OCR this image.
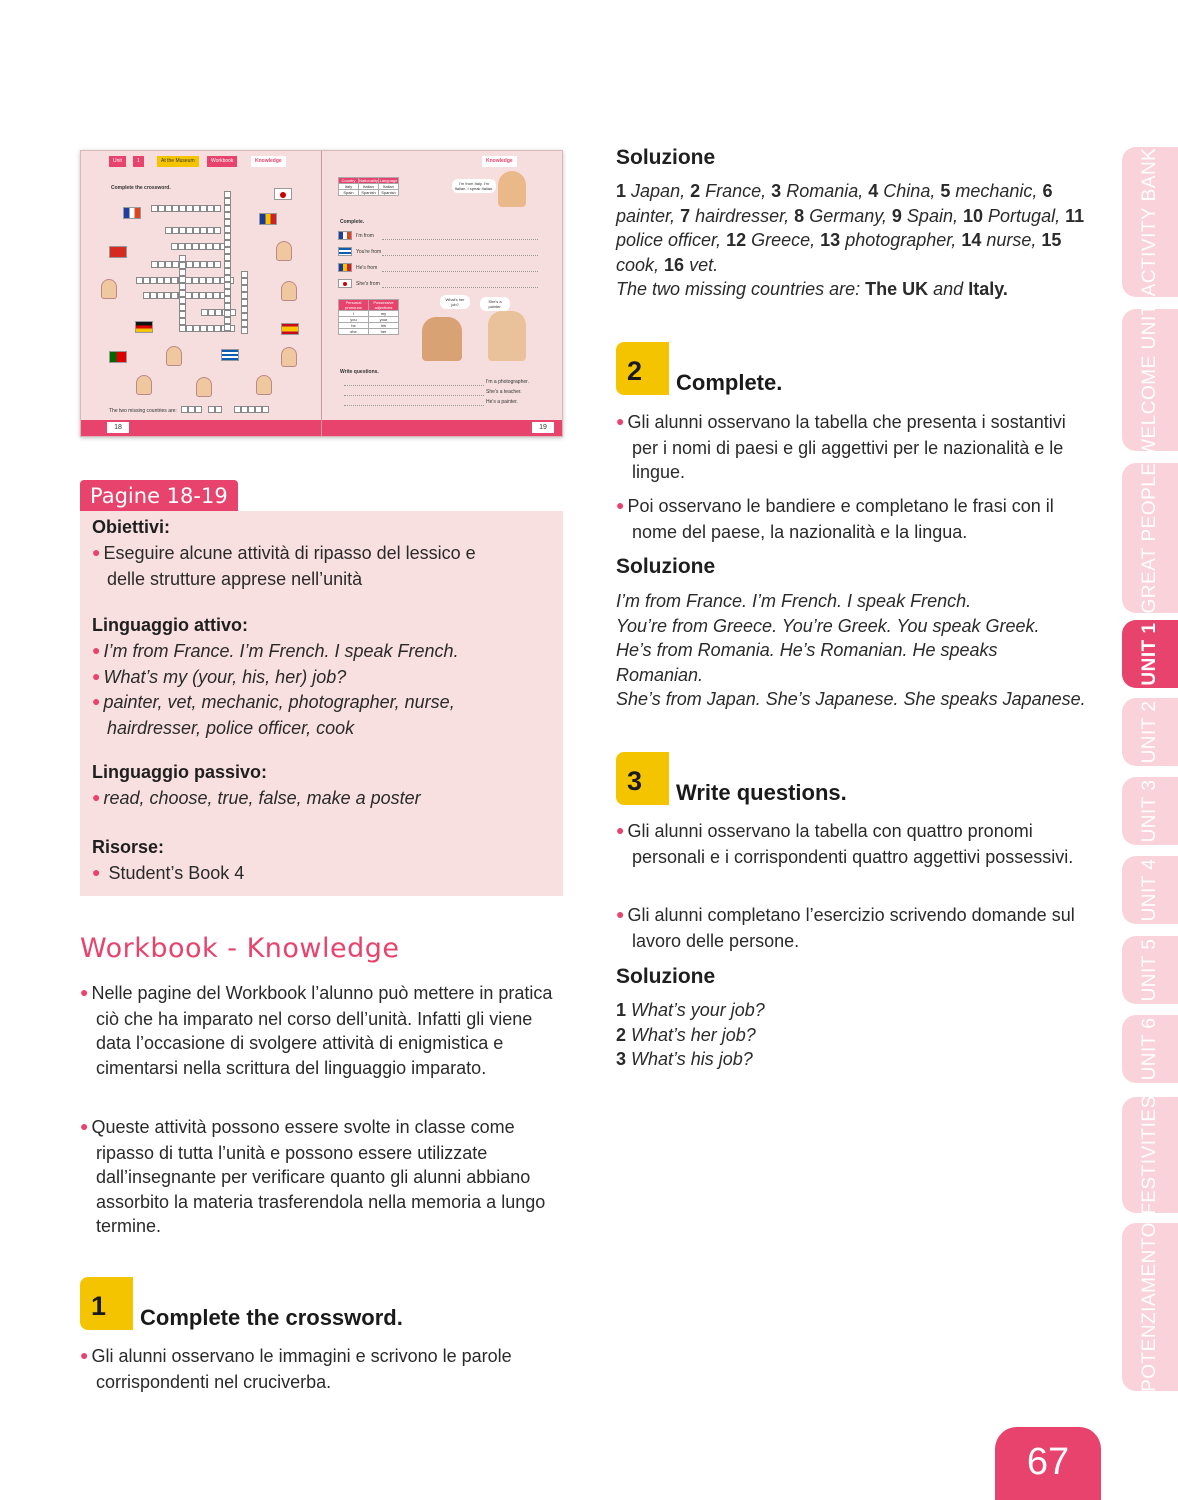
Unit	1	At the Museum	Workbook	Knowledge
Complete the crossword.
The two missing countries are:
18
Knowledge
Country	Nationality	Language
Italy	Italian	Italian
Spain	Spanish	Spanish
I'm from Italy. I'm Italian. I speak Italian.
Complete.
I'm from
You're from
He's from
She's from
Personal pronouns	Possessive adjectives
I	my
you	your
he	his
she	her
What's her job?
She's a painter.
Write questions.
I'm a photographer.
She's a teacher.
He's a painter.
19
Pagine 18-19
Obiettivi:
● Eseguire alcune attività di ripasso del lessico e delle strutture apprese nell’unità
Linguaggio attivo:
● I’m from France. I’m French. I speak French.
● What’s my (your, his, her) job?
● painter, vet, mechanic, photographer, nurse, hairdresser, police officer, cook
Linguaggio passivo:
● read, choose, true, false, make a poster
Risorse:
● Student’s Book 4
Workbook - Knowledge
● Nelle pagine del Workbook l’alunno può mettere in pratica ciò che ha imparato nel corso dell’unità. Infatti gli viene data l’occasione di svolgere attività di enigmistica e cimentarsi nella scrittura del linguaggio imparato.
● Queste attività possono essere svolte in classe come ripasso di tutta l’unità e possono essere utilizzate dall’insegnante per verificare quanto gli alunni abbiano assorbito la materia trasferendola nella memoria a lungo termine.
1	Complete the crossword.
● Gli alunni osservano le immagini e scrivono le parole corrispondenti nel cruciverba.
Soluzione
1 Japan, 2 France, 3 Romania, 4 China, 5 mechanic, 6 painter, 7 hairdresser, 8 Germany, 9 Spain, 10 Portugal, 11 police officer, 12 Greece, 13 photographer, 14 nurse, 15 cook, 16 vet.
The two missing countries are: The UK and Italy.
2	Complete.
● Gli alunni osservano la tabella che presenta i sostantivi per i nomi di paesi e gli aggettivi per le nazionalità e le lingue.
● Poi osservano le bandiere e completano le frasi con il nome del paese, la nazionalità e la lingua.
Soluzione
I’m from France. I’m French. I speak French.
You’re from Greece. You’re Greek. You speak Greek.
He’s from Romania. He’s Romanian. He speaks
Romanian.
She’s from Japan. She’s Japanese. She speaks Japanese.
3	Write questions.
● Gli alunni osservano la tabella con quattro pronomi personali e i corrispondenti quattro aggettivi possessivi.
● Gli alunni completano l’esercizio scrivendo domande sul lavoro delle persone.
Soluzione
1 What’s your job?
2 What’s her job?
3 What’s his job?
ACTIVITY BANK
WELCOME UNIT
GREAT PEOPLE
UNIT 1
UNIT 2
UNIT 3
UNIT 4
UNIT 5
UNIT 6
FESTIVITIES
POTENZIAMENTO
67
